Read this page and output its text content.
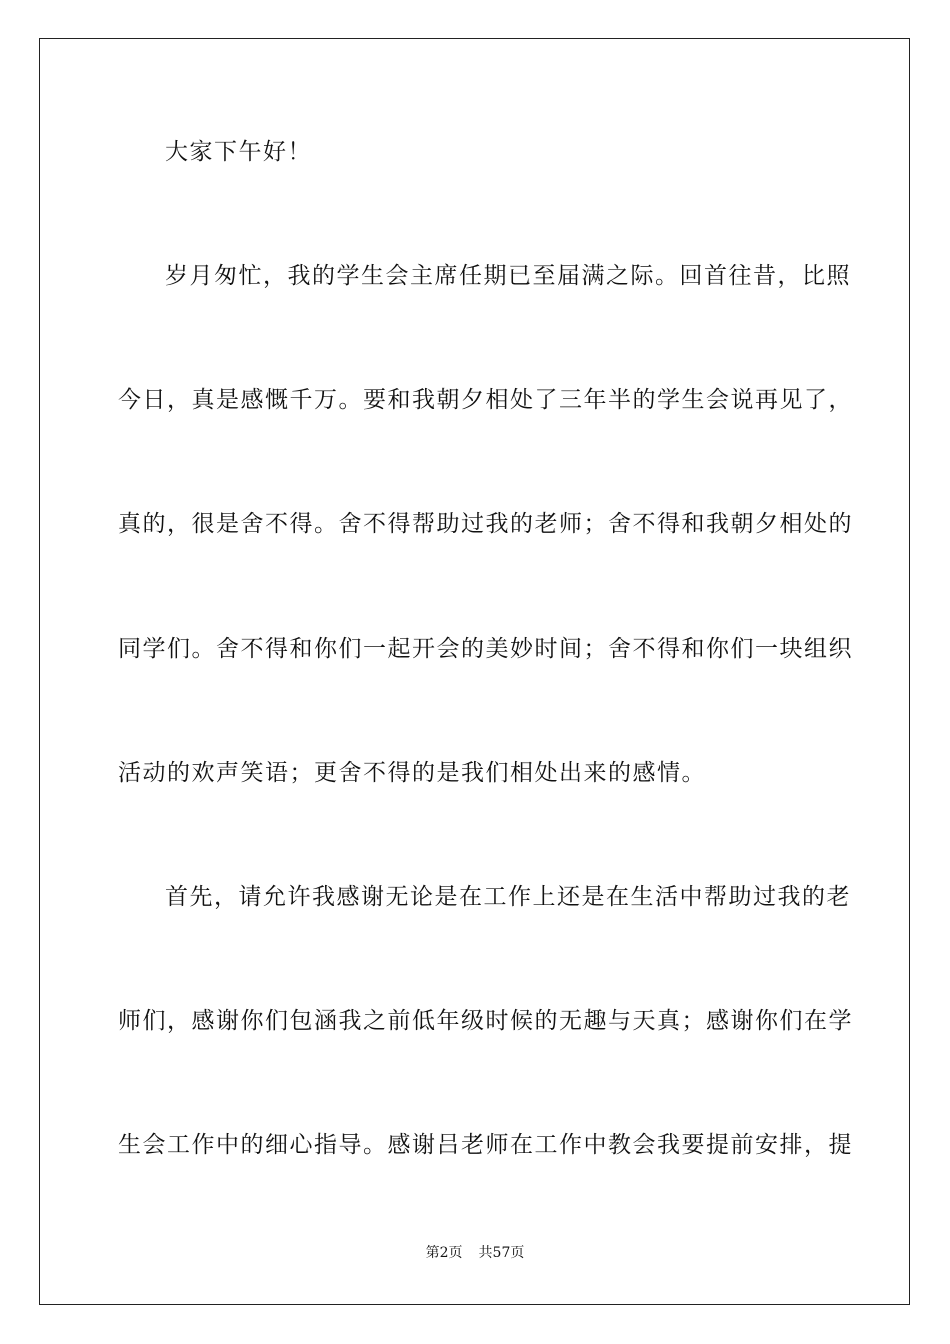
大家下午好！
岁月匆忙，我的学生会主席任期已至届满之际。回首往昔，比照
今日，真是感慨千万。要和我朝夕相处了三年半的学生会说再见了，
真的，很是舍不得。舍不得帮助过我的老师；舍不得和我朝夕相处的
同学们。舍不得和你们一起开会的美妙时间；舍不得和你们一块组织
活动的欢声笑语；更舍不得的是我们相处出来的感情。
首先，请允许我感谢无论是在工作上还是在生活中帮助过我的老
师们，感谢你们包涵我之前低年级时候的无趣与天真；感谢你们在学
生会工作中的细心指导。感谢吕老师在工作中教会我要提前安排，提
第2页 共57页
